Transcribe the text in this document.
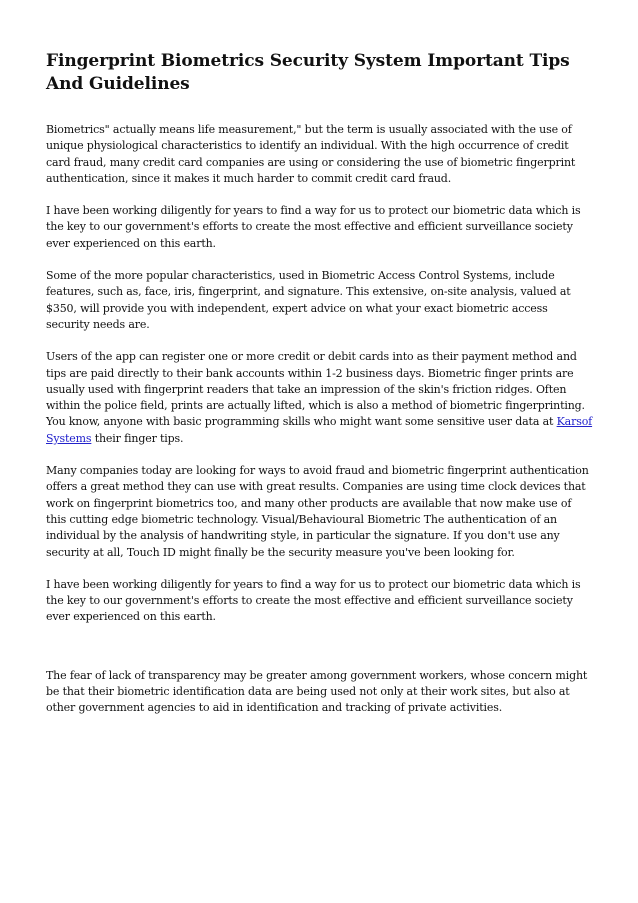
Fingerprint Biometrics Security System Important Tips And Guidelines

Biometrics" actually means life measurement," but the term is usually associated with the use of unique physiological characteristics to identify an individual. With the high occurrence of credit card fraud, many credit card companies are using or considering the use of biometric fingerprint authentication, since it makes it much harder to commit credit card fraud.

I have been working diligently for years to find a way for us to protect our biometric data which is the key to our government's efforts to create the most effective and efficient surveillance society ever experienced on this earth.

Some of the more popular characteristics, used in Biometric Access Control Systems, include features, such as, face, iris, fingerprint, and signature. This extensive, on-site analysis, valued at $350, will provide you with independent, expert advice on what your exact biometric access security needs are.

Users of the app can register one or more credit or debit cards into as their payment method and tips are paid directly to their bank accounts within 1-2 business days. Biometric finger prints are usually used with fingerprint readers that take an impression of the skin's friction ridges. Often within the police field, prints are actually lifted, which is also a method of biometric fingerprinting. You know, anyone with basic programming skills who might want some sensitive user data at Karsof Systems their finger tips.

Many companies today are looking for ways to avoid fraud and biometric fingerprint authentication offers a great method they can use with great results. Companies are using time clock devices that work on fingerprint biometrics too, and many other products are available that now make use of this cutting edge biometric technology. Visual/Behavioural Biometric The authentication of an individual by the analysis of handwriting style, in particular the signature. If you don't use any security at all, Touch ID might finally be the security measure you've been looking for.

I have been working diligently for years to find a way for us to protect our biometric data which is the key to our government's efforts to create the most effective and efficient surveillance society ever experienced on this earth.

The fear of lack of transparency may be greater among government workers, whose concern might be that their biometric identification data are being used not only at their work sites, but also at other government agencies to aid in identification and tracking of private activities.
